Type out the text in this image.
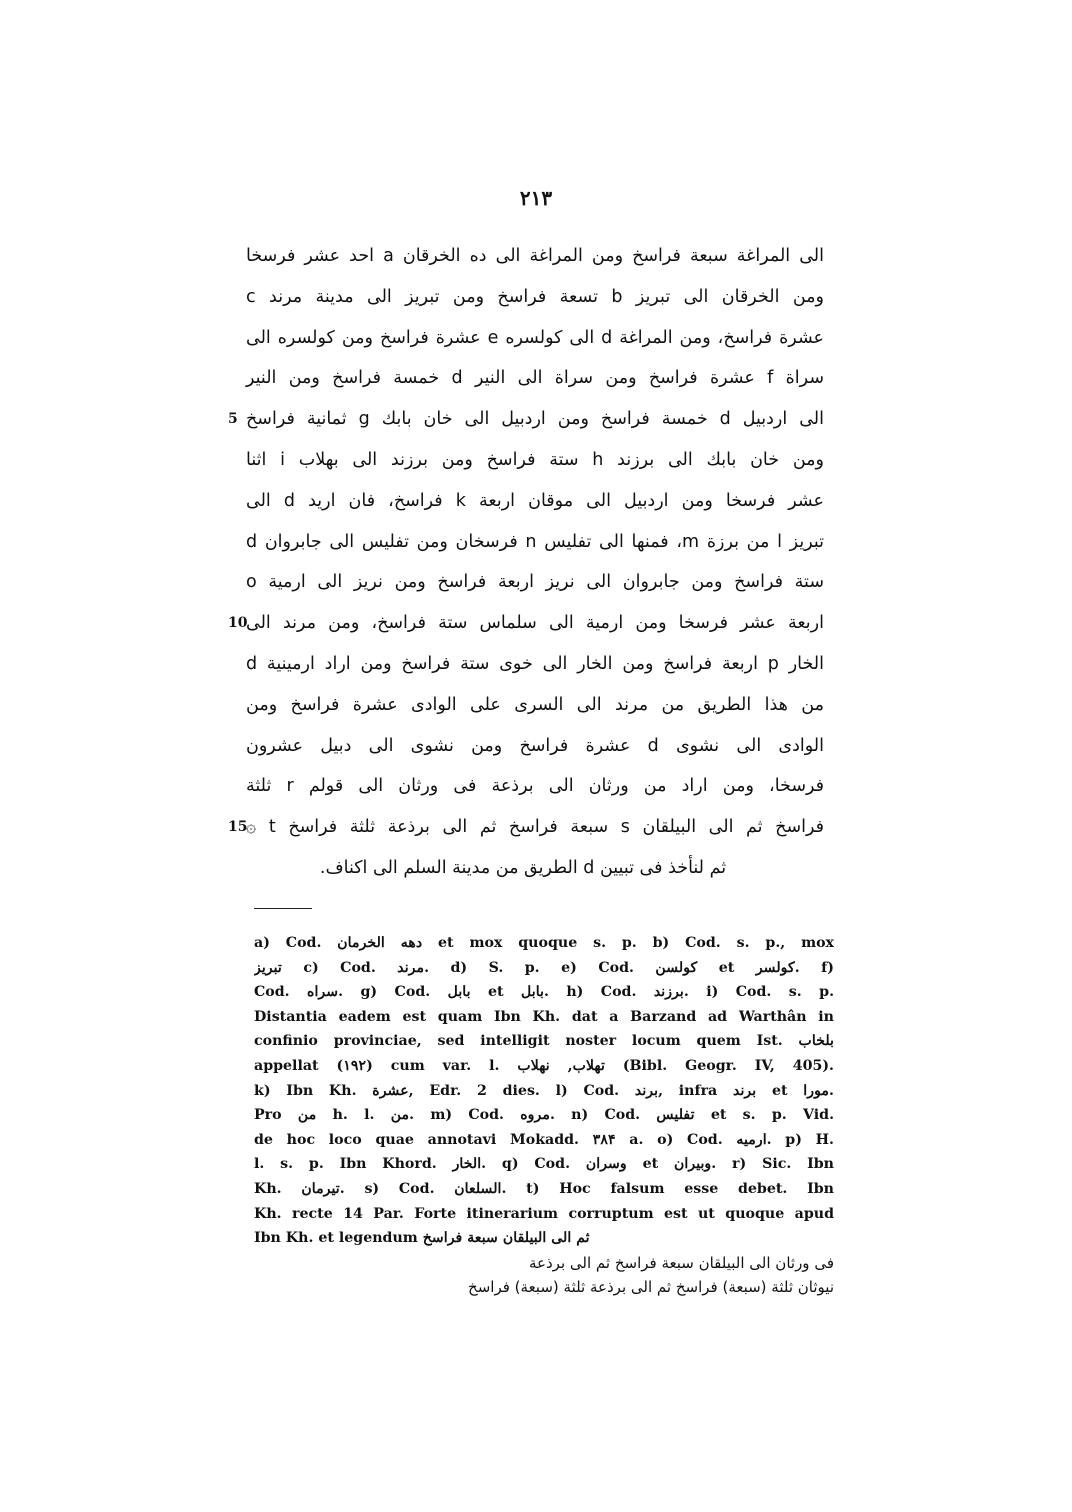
۲۱۳
الى المراغة سبعة فراسخ ومن المراغة الى ده الخرقان a احد عشر فرسخا
ومن الخرقان الى تبريز b تسعة فراسخ ومن تبريز الى مدينة مرند c
عشرة فراسخ، ومن المراغة d الى كولسره e عشرة فراسخ ومن كولسره الى
سراة f عشرة فراسخ ومن سراة الى النير d خمسة فراسخ ومن النير
الى اردبيل d خمسة فراسخ ومن اردبيل الى خان بابك g ثمانية فراسخ
5
ومن خان بابك الى برزند h ستة فراسخ ومن برزند الى بهلاب i اثنا
عشر فرسخا ومن اردبيل الى موقان اربعة k فراسخ، فان اريد d الى
تبريز l من برزة m، فمنها الى تفليس n فرسخان ومن تفليس الى جابروان d
ستة فراسخ ومن جابروان الى نريز اربعة فراسخ ومن نريز الى ارمية o
اربعة عشر فرسخا ومن ارمية الى سلماس ستة فراسخ، ومن مرند الى
10
الخار p اربعة فراسخ ومن الخار الى خوى ستة فراسخ ومن اراد ارمينية d
من هذا الطريق من مرند الى السرى على الوادى عشرة فراسخ ومن
الوادى الى نشوى d عشرة فراسخ ومن نشوى الى دبيل عشرون
فرسخا، ومن اراد من ورثان الى برذعة فى ورثان الى قولم r ثلثة
فراسخ ثم الى البيلقان s سبعة فراسخ ثم الى برذعة ثلثة فراسخ t ۞
15
ثم لنأخذ فى تبيين d الطريق من مدينة السلم الى اكناف.
a) Cod. دهه الخرمان et mox quoque s. p. b) Cod. s. p., mox
تبريز c) Cod. مرند. d) S. p. e) Cod. كولسن et كولسر. f)
Cod. سراه. g) Cod. بابل et بابل. h) Cod. برزند. i) Cod. s. p.
Distantia eadem est quam Ibn Kh. dat a Barzand ad Warthân in
confinio provinciae, sed intelligit noster locum quem Ist. بلخاب
appellat (۱۹۲) cum var. l. تهلاب, نهلاب (Bibl. Geogr. IV, 405).
k) Ibn Kh. عشرة, Edr. 2 dies. l) Cod. برند, infra برند et مورا.
Pro من h. l. من. m) Cod. مروه. n) Cod. تفليس et s. p. Vid.
de hoc loco quae annotavi Mokadd. ۳۸۴ a. o) Cod. ارميه. p) H.
l. s. p. Ibn Khord. الخار. q) Cod. وسران et وبيران. r) Sic. Ibn
Kh. تيرمان. s) Cod. السلعان. t) Hoc falsum esse debet. Ibn
Kh. recte 14 Par. Forte itinerarium corruptum est ut quoque apud
Ibn Kh. et legendum ثم الى البيلقان سبعة فراسخ
فى ورثان الى البيلقان سبعة فراسخ ثم الى برذعة
نيوثان ثلثة (سبعة) فراسخ ثم الى برذعة ثلثة (سبعة) فراسخ
